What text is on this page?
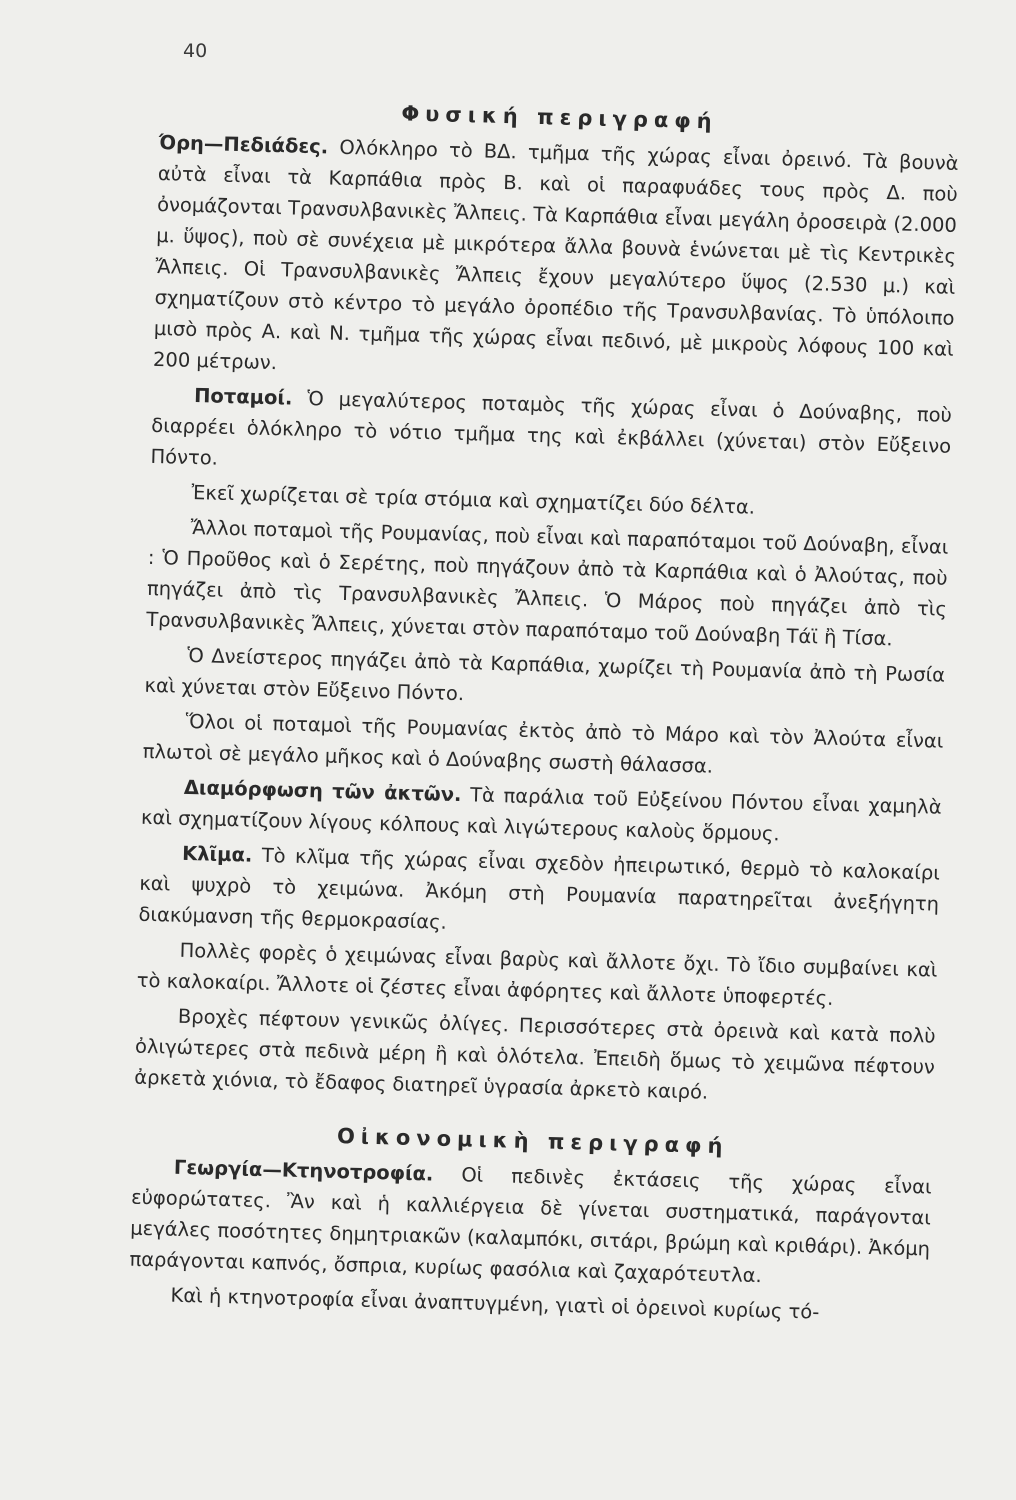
40
Φυσική περιγραφή

Όρη—Πεδιάδες. Ολόκληρο τὸ ΒΔ. τμῆμα τῆς χώρας εἶναι ὀρεινό. Τὰ βουνὰ αὐτὰ εἶναι τὰ Καρπάθια πρὸς Β. καὶ οἱ παραφυάδες τους πρὸς Δ. ποὺ ὀνομάζονται Τρανσυλβανικὲς Ἄλπεις. Τὰ Καρπάθια εἶναι μεγάλη ὀροσειρὰ (2.000 μ. ὕψος), ποὺ σὲ συνέχεια μὲ μικρότερα ἄλλα βουνὰ ἑνώνεται μὲ τὶς Κεντρικὲς Ἄλπεις. Οἱ Τρανσυλβανικὲς Ἄλπεις ἔχουν μεγαλύτερο ὕψος (2.530 μ.) καὶ σχηματίζουν στὸ κέντρο τὸ μεγάλο ὀροπέδιο τῆς Τρανσυλβανίας. Τὸ ὑπόλοιπο μισὸ πρὸς Α. καὶ Ν. τμῆμα τῆς χώρας εἶναι πεδινό, μὲ μικροὺς λόφους 100 καὶ 200 μέτρων.

Ποταμοί. Ὁ μεγαλύτερος ποταμὸς τῆς χώρας εἶναι ὁ Δούναβης, ποὺ διαρρέει ὁλόκληρο τὸ νότιο τμῆμα της καὶ ἐκβάλλει (χύνεται) στὸν Εὔξεινο Πόντο.

Ἐκεῖ χωρίζεται σὲ τρία στόμια καὶ σχηματίζει δύο δέλτα.

Ἄλλοι ποταμοὶ τῆς Ρουμανίας, ποὺ εἶναι καὶ παραπόταμοι τοῦ Δούναβη, εἶναι : Ὁ Προῦθος καὶ ὁ Σερέτης, ποὺ πηγάζουν ἀπὸ τὰ Καρπάθια καὶ ὁ Ἀλούτας, ποὺ πηγάζει ἀπὸ τὶς Τρανσυλβανικὲς Ἄλπεις. Ὁ Μάρος ποὺ πηγάζει ἀπὸ τὶς Τρανσυλβανικὲς Ἄλπεις, χύνεται στὸν παραπόταμο τοῦ Δούναβη Τάϊ ἢ Τίσα.

Ὁ Δνείστερος πηγάζει ἀπὸ τὰ Καρπάθια, χωρίζει τὴ Ρουμανία ἀπὸ τὴ Ρωσία καὶ χύνεται στὸν Εὔξεινο Πόντο.

Ὅλοι οἱ ποταμοὶ τῆς Ρουμανίας ἐκτὸς ἀπὸ τὸ Μάρο καὶ τὸν Ἀλούτα εἶναι πλωτοὶ σὲ μεγάλο μῆκος καὶ ὁ Δούναβης σωστὴ θάλασσα.

Διαμόρφωση τῶν ἀκτῶν. Τὰ παράλια τοῦ Εὐξείνου Πόντου εἶναι χαμηλὰ καὶ σχηματίζουν λίγους κόλπους καὶ λιγώτερους καλοὺς ὅρμους.

Κλῖμα. Τὸ κλῖμα τῆς χώρας εἶναι σχεδὸν ἠπειρωτικό, θερμὸ τὸ καλοκαίρι καὶ ψυχρὸ τὸ χειμώνα. Ἀκόμη στὴ Ρουμανία παρατηρεῖται ἀνεξήγητη διακύμανση τῆς θερμοκρασίας.

Πολλὲς φορὲς ὁ χειμώνας εἶναι βαρὺς καὶ ἄλλοτε ὄχι. Τὸ ἴδιο συμβαίνει καὶ τὸ καλοκαίρι. Ἄλλοτε οἱ ζέστες εἶναι ἀφόρητες καὶ ἄλλοτε ὑποφερτές.

Βροχὲς πέφτουν γενικῶς ὀλίγες. Περισσότερες στὰ ὀρεινὰ καὶ κατὰ πολὺ ὀλιγώτερες στὰ πεδινὰ μέρη ἢ καὶ ὁλότελα. Ἐπειδὴ ὅμως τὸ χειμῶνα πέφτουν ἀρκετὰ χιόνια, τὸ ἔδαφος διατηρεῖ ὑγρασία ἀρκετὸ καιρό.

Οἰκονομικὴ περιγραφή

Γεωργία—Κτηνοτροφία. Οἱ πεδινὲς ἐκτάσεις τῆς χώρας εἶναι εὐφορώτατες. Ἂν καὶ ἡ καλλιέργεια δὲ γίνεται συστηματικά, παράγονται μεγάλες ποσότητες δημητριακῶν (καλαμπόκι, σιτάρι, βρώμη καὶ κριθάρι). Ἀκόμη παράγονται καπνός, ὄσπρια, κυρίως φασόλια καὶ ζαχαρότευτλα.

Καὶ ἡ κτηνοτροφία εἶναι ἀναπτυγμένη, γιατὶ οἱ ὀρεινοὶ κυρίως τό-
